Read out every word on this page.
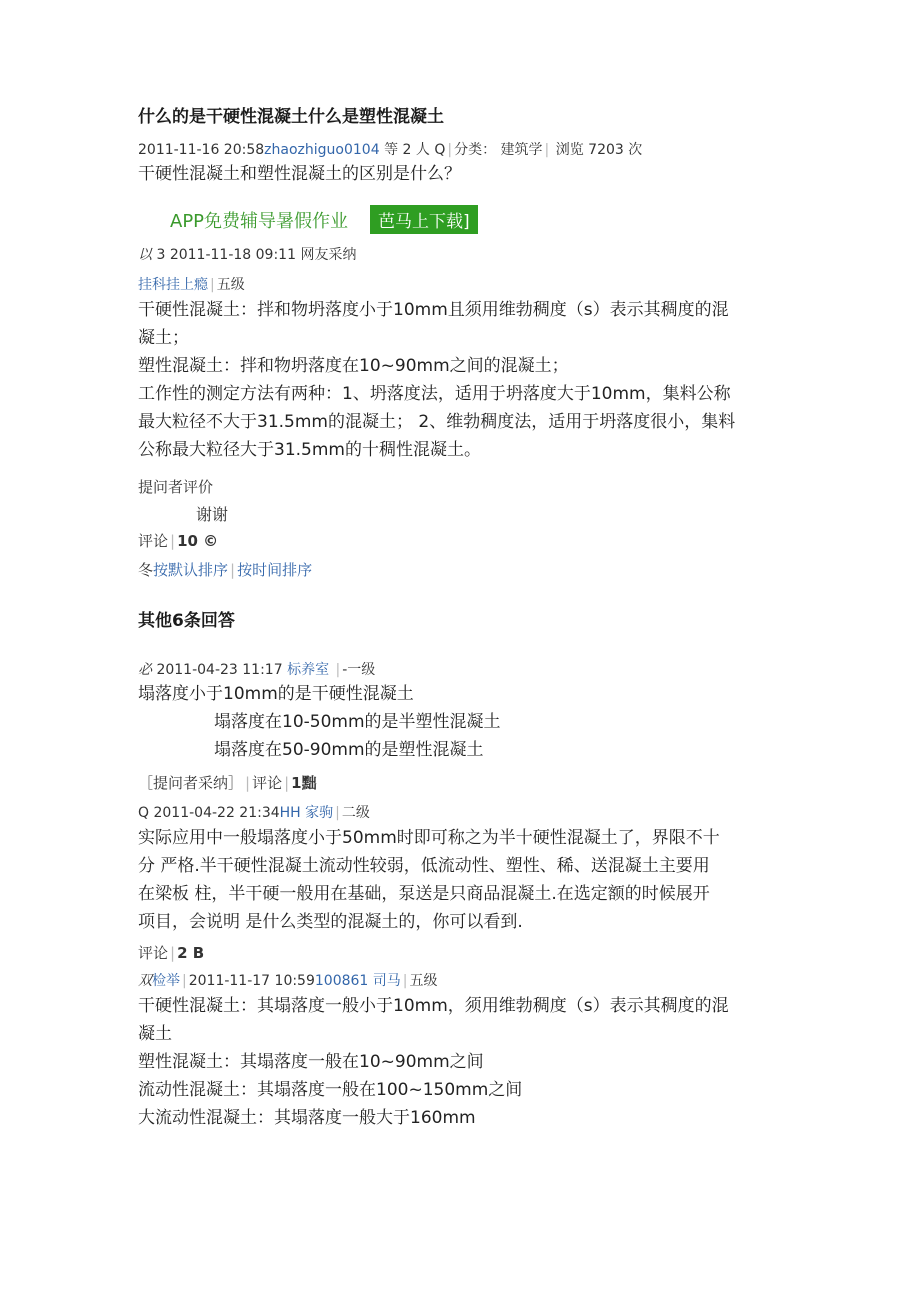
什么的是干硬性混凝土什么是塑性混凝土
2011-11-16 20:58zhaozhiguo0104 等 2 人 Q | 分类： 建筑学 | 浏览 7203 次
干硬性混凝土和塑性混凝土的区别是什么？
APP免费辅导暑假作业 芭马上下载]
以 3 2011-11-18 09:11 网友采纳
挂科挂上瘾 | 五级
干硬性混凝土：拌和物坍落度小于10mm且须用维勃稠度（s）表示其稠度的混
凝土；
塑性混凝土：拌和物坍落度在10~90mm之间的混凝土；
工作性的测定方法有两种：1、坍落度法，适用于坍落度大于10mm，集料公称
最大粒径不大于31.5mm的混凝土； 2、维勃稠度法，适用于坍落度很小，集料
公称最大粒径大于31.5mm的十稠性混凝土。
提问者评价
谢谢
评论 | 10 ©
冬按默认排序 | 按时间排序
其他6条回答
必 2011-04-23 11:17 标养室 | -一级
塌落度小于10mm的是干硬性混凝土
塌落度在10-50mm的是半塑性混凝土
塌落度在50-90mm的是塑性混凝土
［提问者采纳］ | 评论 | 1黜
Q 2011-04-22 21:34HH 家驹 | 二级
实际应用中一般塌落度小于50mm时即可称之为半十硬性混凝土了，界限不十
分 严格.半干硬性混凝土流动性较弱，低流动性、塑性、稀、送混凝土主要用
在梁板 柱，半干硬一般用在基础，泵送是只商品混凝土.在选定额的时候展开
项目，会说明 是什么类型的混凝土的，你可以看到.
评论 | 2 B
双检举 | 2011-11-17 10:59100861 司马 | 五级
干硬性混凝土：其塌落度一般小于10mm，须用维勃稠度（s）表示其稠度的混
凝土
塑性混凝土：其塌落度一般在10~90mm之间
流动性混凝土：其塌落度一般在100~150mm之间
大流动性混凝土：其塌落度一般大于160mm
